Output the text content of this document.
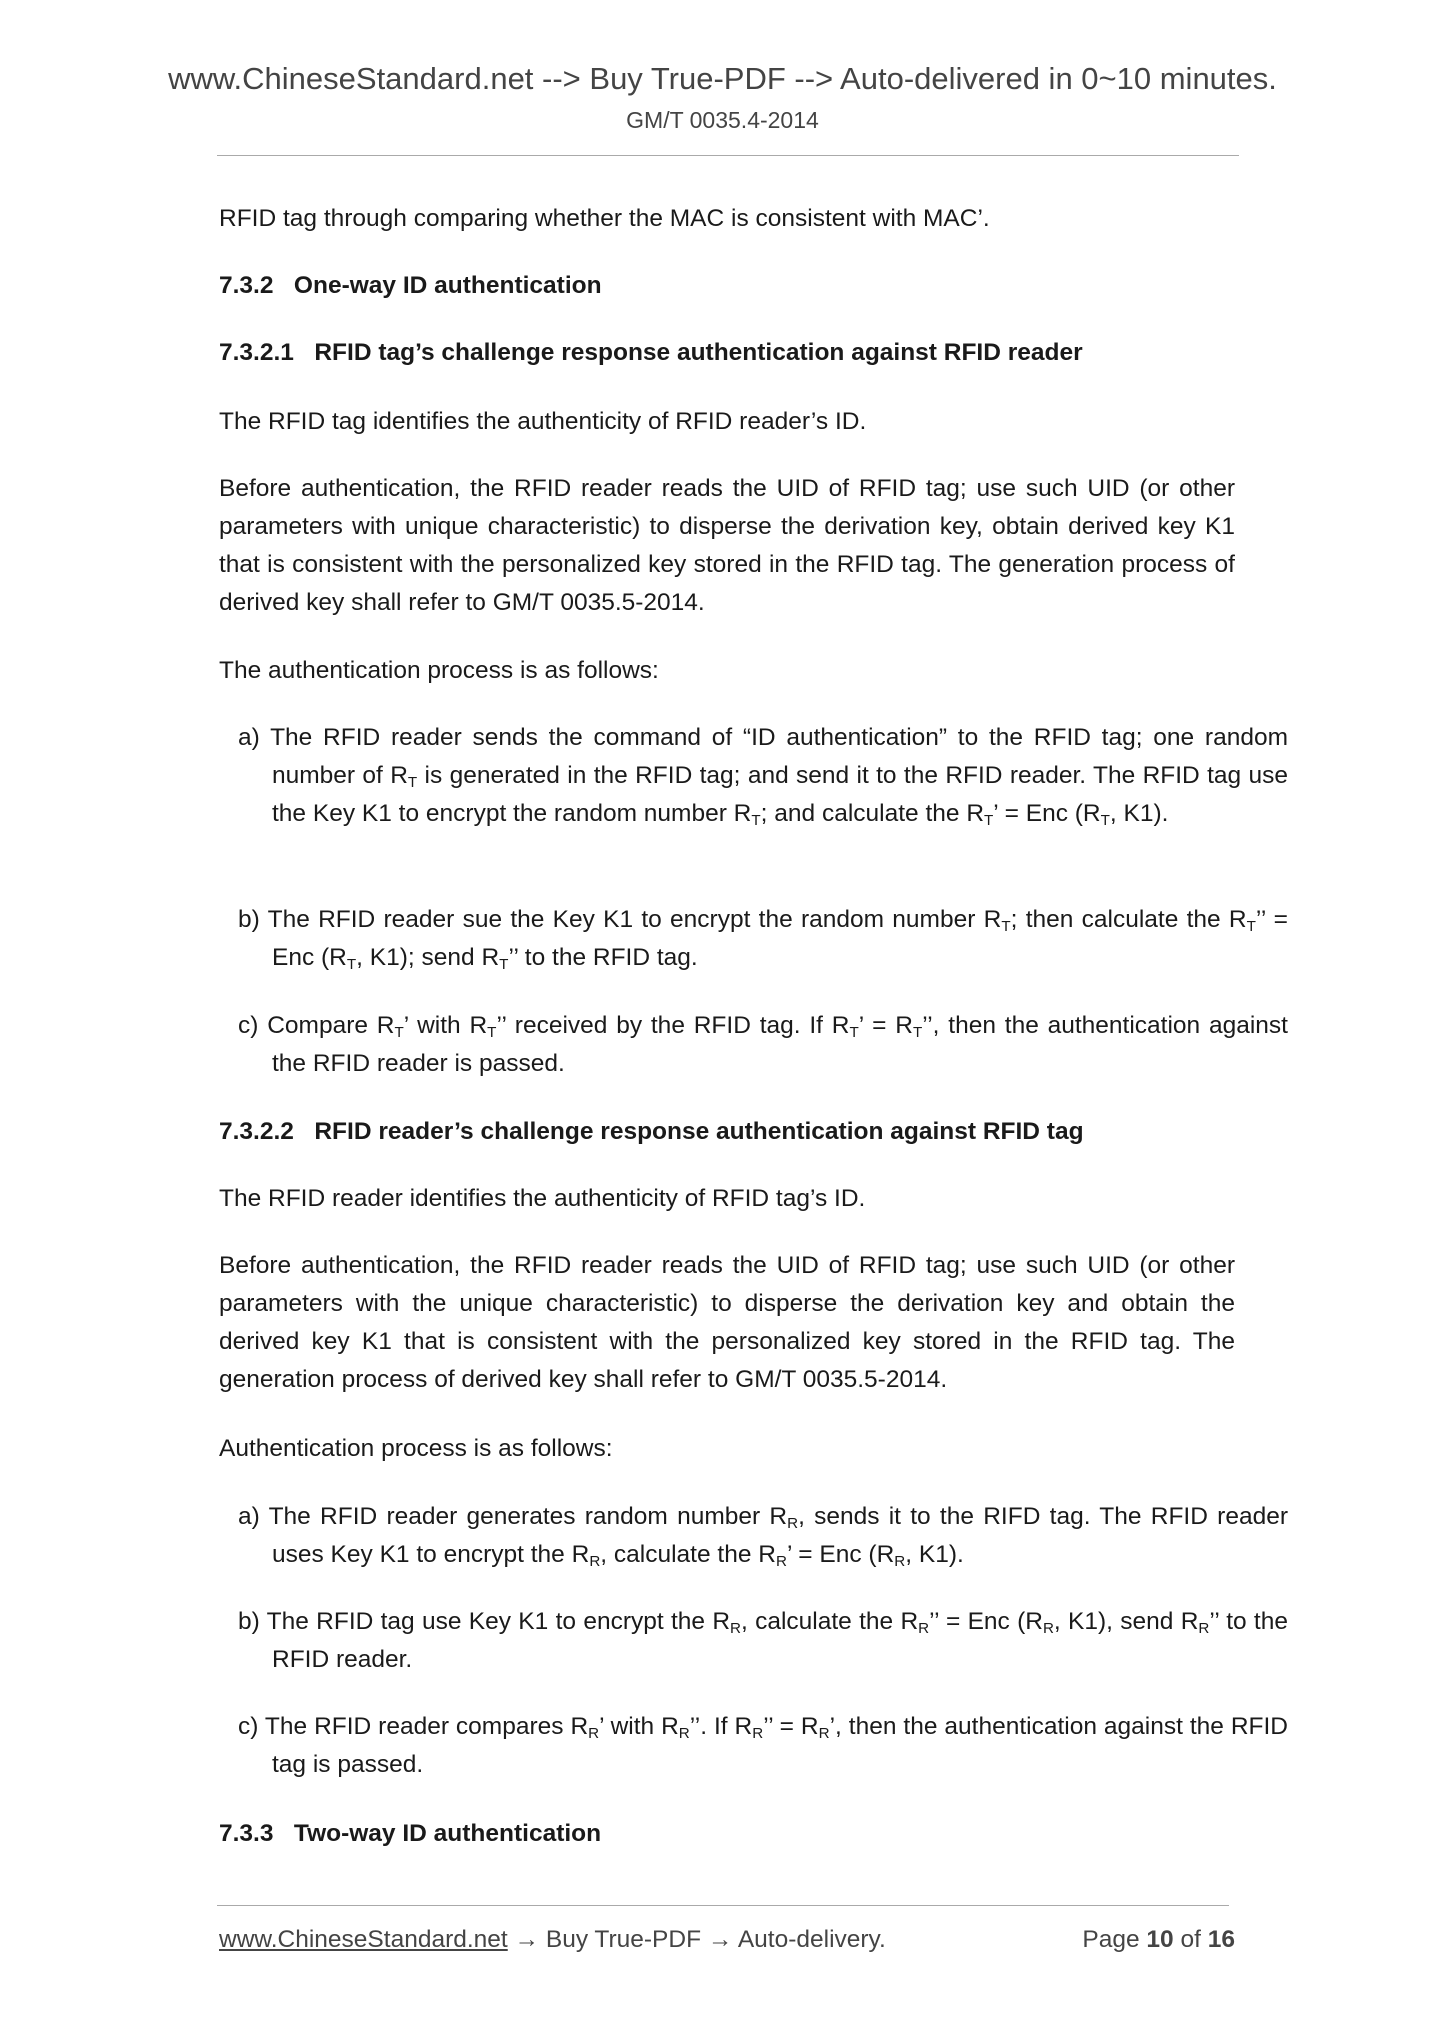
www.ChineseStandard.net --> Buy True-PDF --> Auto-delivered in 0~10 minutes.
GM/T 0035.4-2014
RFID tag through comparing whether the MAC is consistent with MAC’.
7.3.2 One-way ID authentication
7.3.2.1 RFID tag’s challenge response authentication against RFID reader
The RFID tag identifies the authenticity of RFID reader’s ID.
Before authentication, the RFID reader reads the UID of RFID tag; use such UID (or other parameters with unique characteristic) to disperse the derivation key, obtain derived key K1 that is consistent with the personalized key stored in the RFID tag. The generation process of derived key shall refer to GM/T 0035.5-2014.
The authentication process is as follows:
a) The RFID reader sends the command of “ID authentication” to the RFID tag; one random number of $R_T$ is generated in the RFID tag; and send it to the RFID reader. The RFID tag use the Key K1 to encrypt the random number $R_T$; and calculate the $R_T$’ = Enc ($R_T$, K1).
b) The RFID reader sue the Key K1 to encrypt the random number $R_T$; then calculate the $R_T$’’ = Enc ($R_T$, K1); send $R_T$’’ to the RFID tag.
c) Compare $R_T$’ with $R_T$’’ received by the RFID tag. If $R_T$’ = $R_T$’’, then the authentication against the RFID reader is passed.
7.3.2.2 RFID reader’s challenge response authentication against RFID tag
The RFID reader identifies the authenticity of RFID tag’s ID.
Before authentication, the RFID reader reads the UID of RFID tag; use such UID (or other parameters with the unique characteristic) to disperse the derivation key and obtain the derived key K1 that is consistent with the personalized key stored in the RFID tag. The generation process of derived key shall refer to GM/T 0035.5-2014.
Authentication process is as follows:
a) The RFID reader generates random number $R_R$, sends it to the RIFD tag. The RFID reader uses Key K1 to encrypt the $R_R$, calculate the $R_R$’ = Enc ($R_R$, K1).
b) The RFID tag use Key K1 to encrypt the $R_R$, calculate the $R_R$’’ = Enc ($R_R$, K1), send $R_R$’’ to the RFID reader.
c) The RFID reader compares $R_R$’ with $R_R$’’. If $R_R$’’ = $R_R$’, then the authentication against the RFID tag is passed.
7.3.3 Two-way ID authentication
www.ChineseStandard.net → Buy True-PDF → Auto-delivery.	Page 10 of 16
